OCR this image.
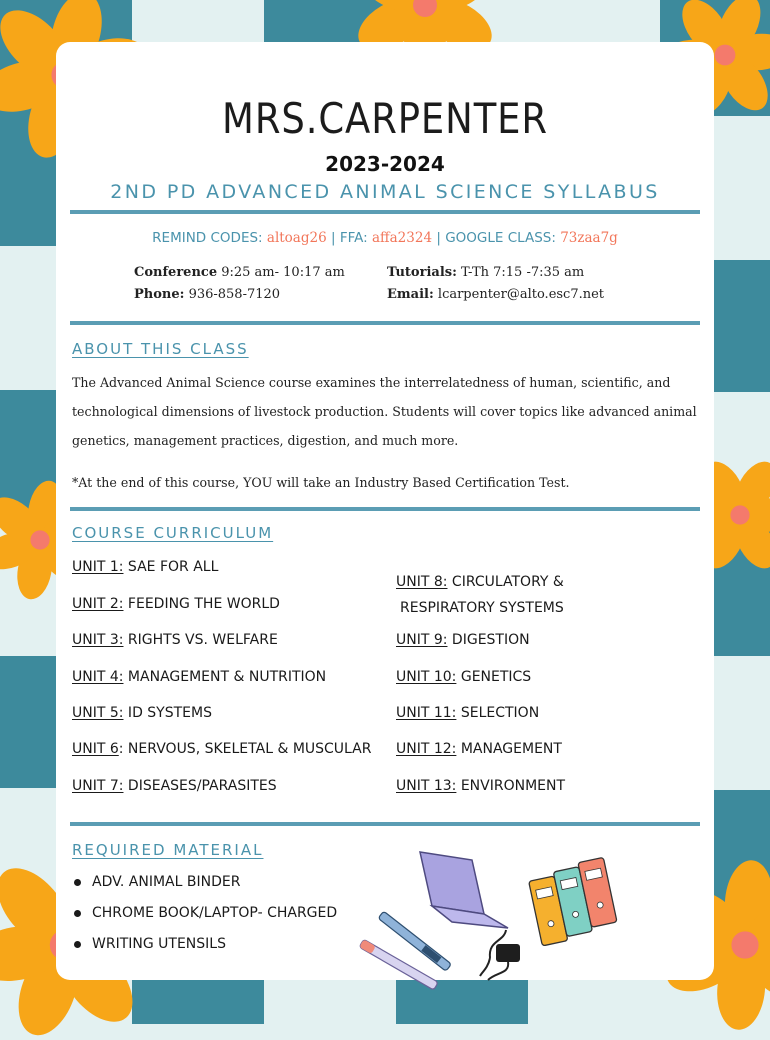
MRS.CARPENTER
2023-2024
2ND PD ADVANCED ANIMAL SCIENCE SYLLABUS
REMIND CODES: altoag26 | FFA: affa2324 | GOOGLE CLASS: 73zaa7g
Conference 9:25 am- 10:17 am
Phone: 936-858-7120
Tutorials: T-Th 7:15 -7:35 am
Email: lcarpenter@alto.esc7.net
ABOUT THIS CLASS
The Advanced Animal Science course examines the interrelatedness of human, scientific, and technological dimensions of livestock production. Students will cover topics like advanced animal genetics, management practices, digestion, and much more.
*At the end of this course, YOU will take an Industry Based Certification Test.
COURSE CURRICULUM
UNIT 1: SAE FOR ALL
UNIT 2: FEEDING THE WORLD
UNIT 3: RIGHTS VS. WELFARE
UNIT 4: MANAGEMENT & NUTRITION
UNIT 5: ID SYSTEMS
UNIT 6: NERVOUS, SKELETAL & MUSCULAR
UNIT 7: DISEASES/PARASITES
UNIT 8: CIRCULATORY &
RESPIRATORY SYSTEMS
UNIT 9: DIGESTION
UNIT 10: GENETICS
UNIT 11: SELECTION
UNIT 12: MANAGEMENT
UNIT 13: ENVIRONMENT
REQUIRED MATERIAL
ADV. ANIMAL BINDER
CHROME BOOK/LAPTOP- CHARGED
WRITING UTENSILS
